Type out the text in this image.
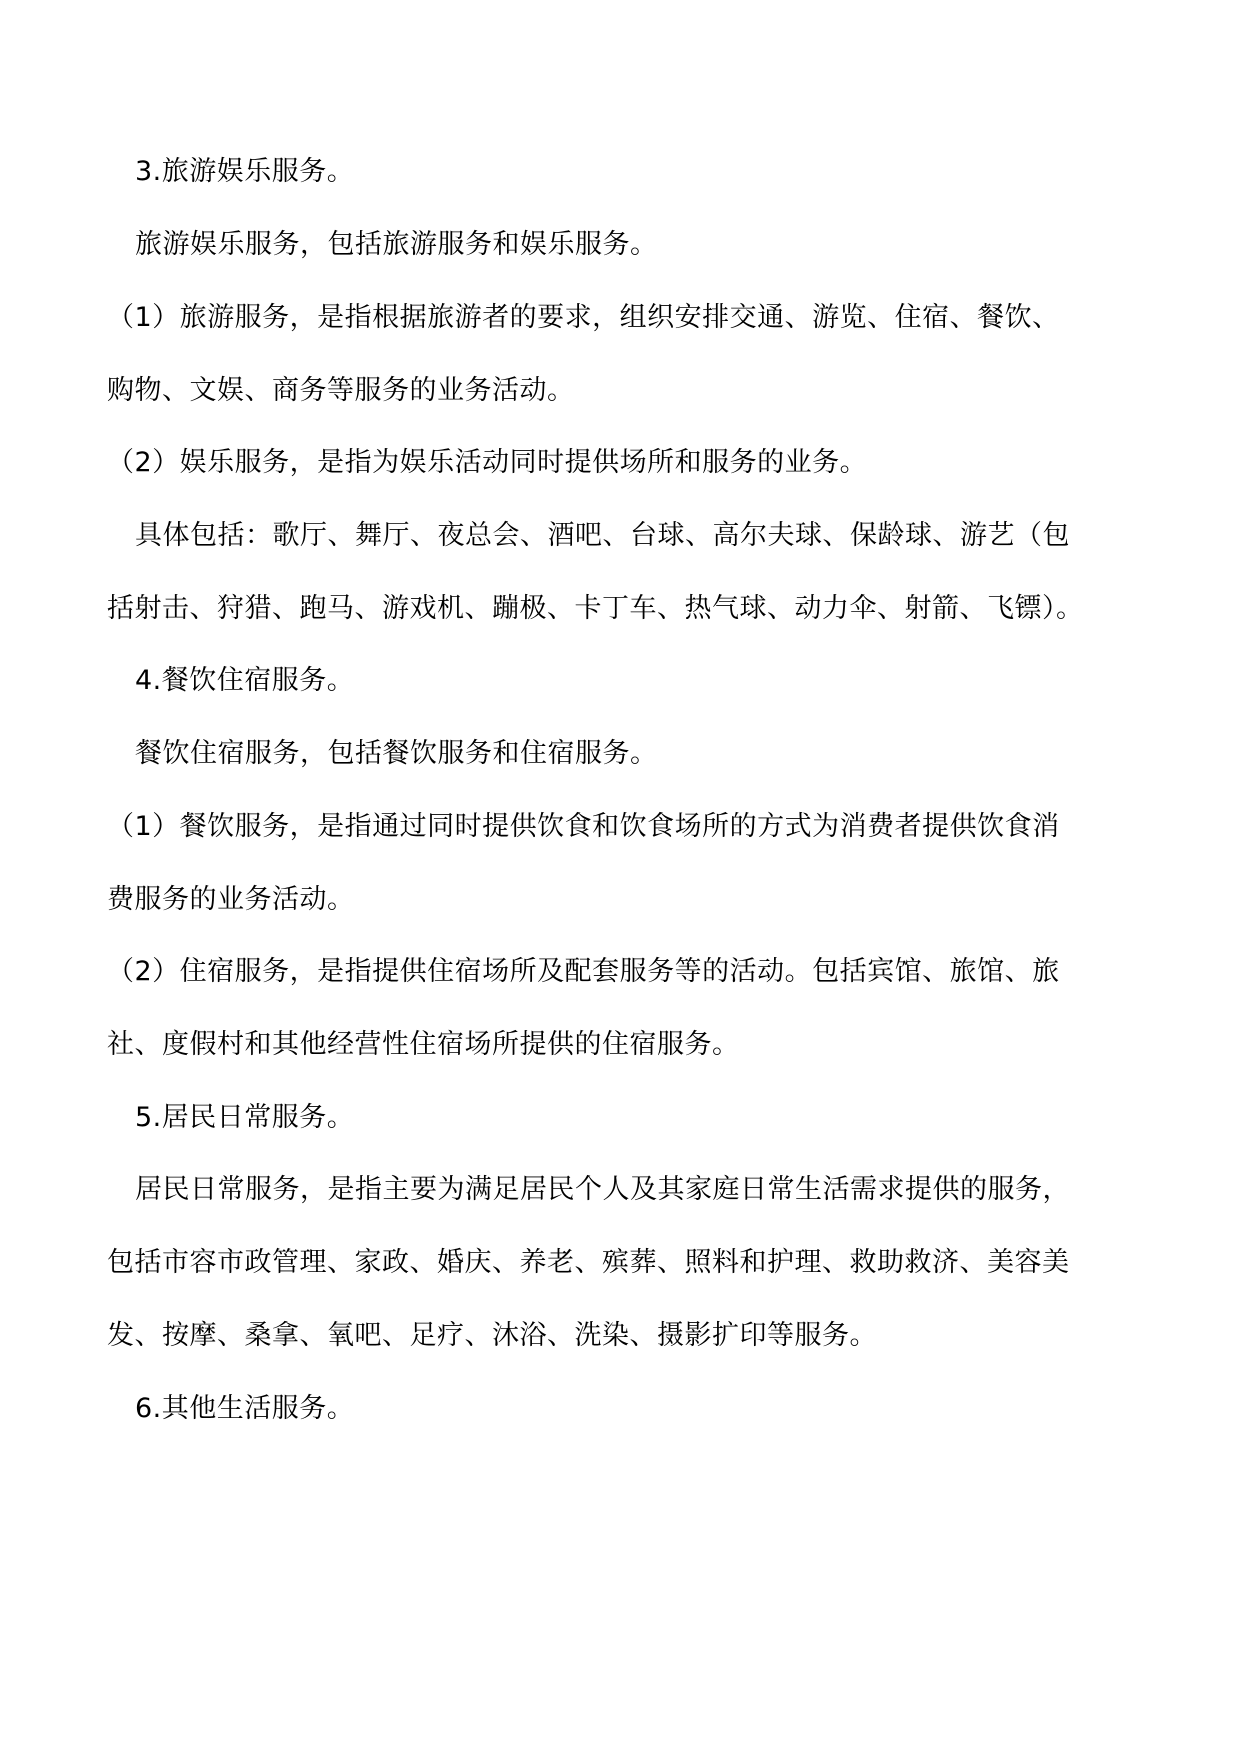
3.旅游娱乐服务。
旅游娱乐服务，包括旅游服务和娱乐服务。
（1）旅游服务，是指根据旅游者的要求，组织安排交通、游览、住宿、餐饮、
购物、文娱、商务等服务的业务活动。
（2）娱乐服务，是指为娱乐活动同时提供场所和服务的业务。
具体包括：歌厅、舞厅、夜总会、酒吧、台球、高尔夫球、保龄球、游艺（包
括射击、狩猎、跑马、游戏机、蹦极、卡丁车、热气球、动力伞、射箭、飞镖）。
4.餐饮住宿服务。
餐饮住宿服务，包括餐饮服务和住宿服务。
（1）餐饮服务，是指通过同时提供饮食和饮食场所的方式为消费者提供饮食消
费服务的业务活动。
（2）住宿服务，是指提供住宿场所及配套服务等的活动。包括宾馆、旅馆、旅
社、度假村和其他经营性住宿场所提供的住宿服务。
5.居民日常服务。
居民日常服务，是指主要为满足居民个人及其家庭日常生活需求提供的服务，
包括市容市政管理、家政、婚庆、养老、殡葬、照料和护理、救助救济、美容美
发、按摩、桑拿、氧吧、足疗、沐浴、洗染、摄影扩印等服务。
6.其他生活服务。
